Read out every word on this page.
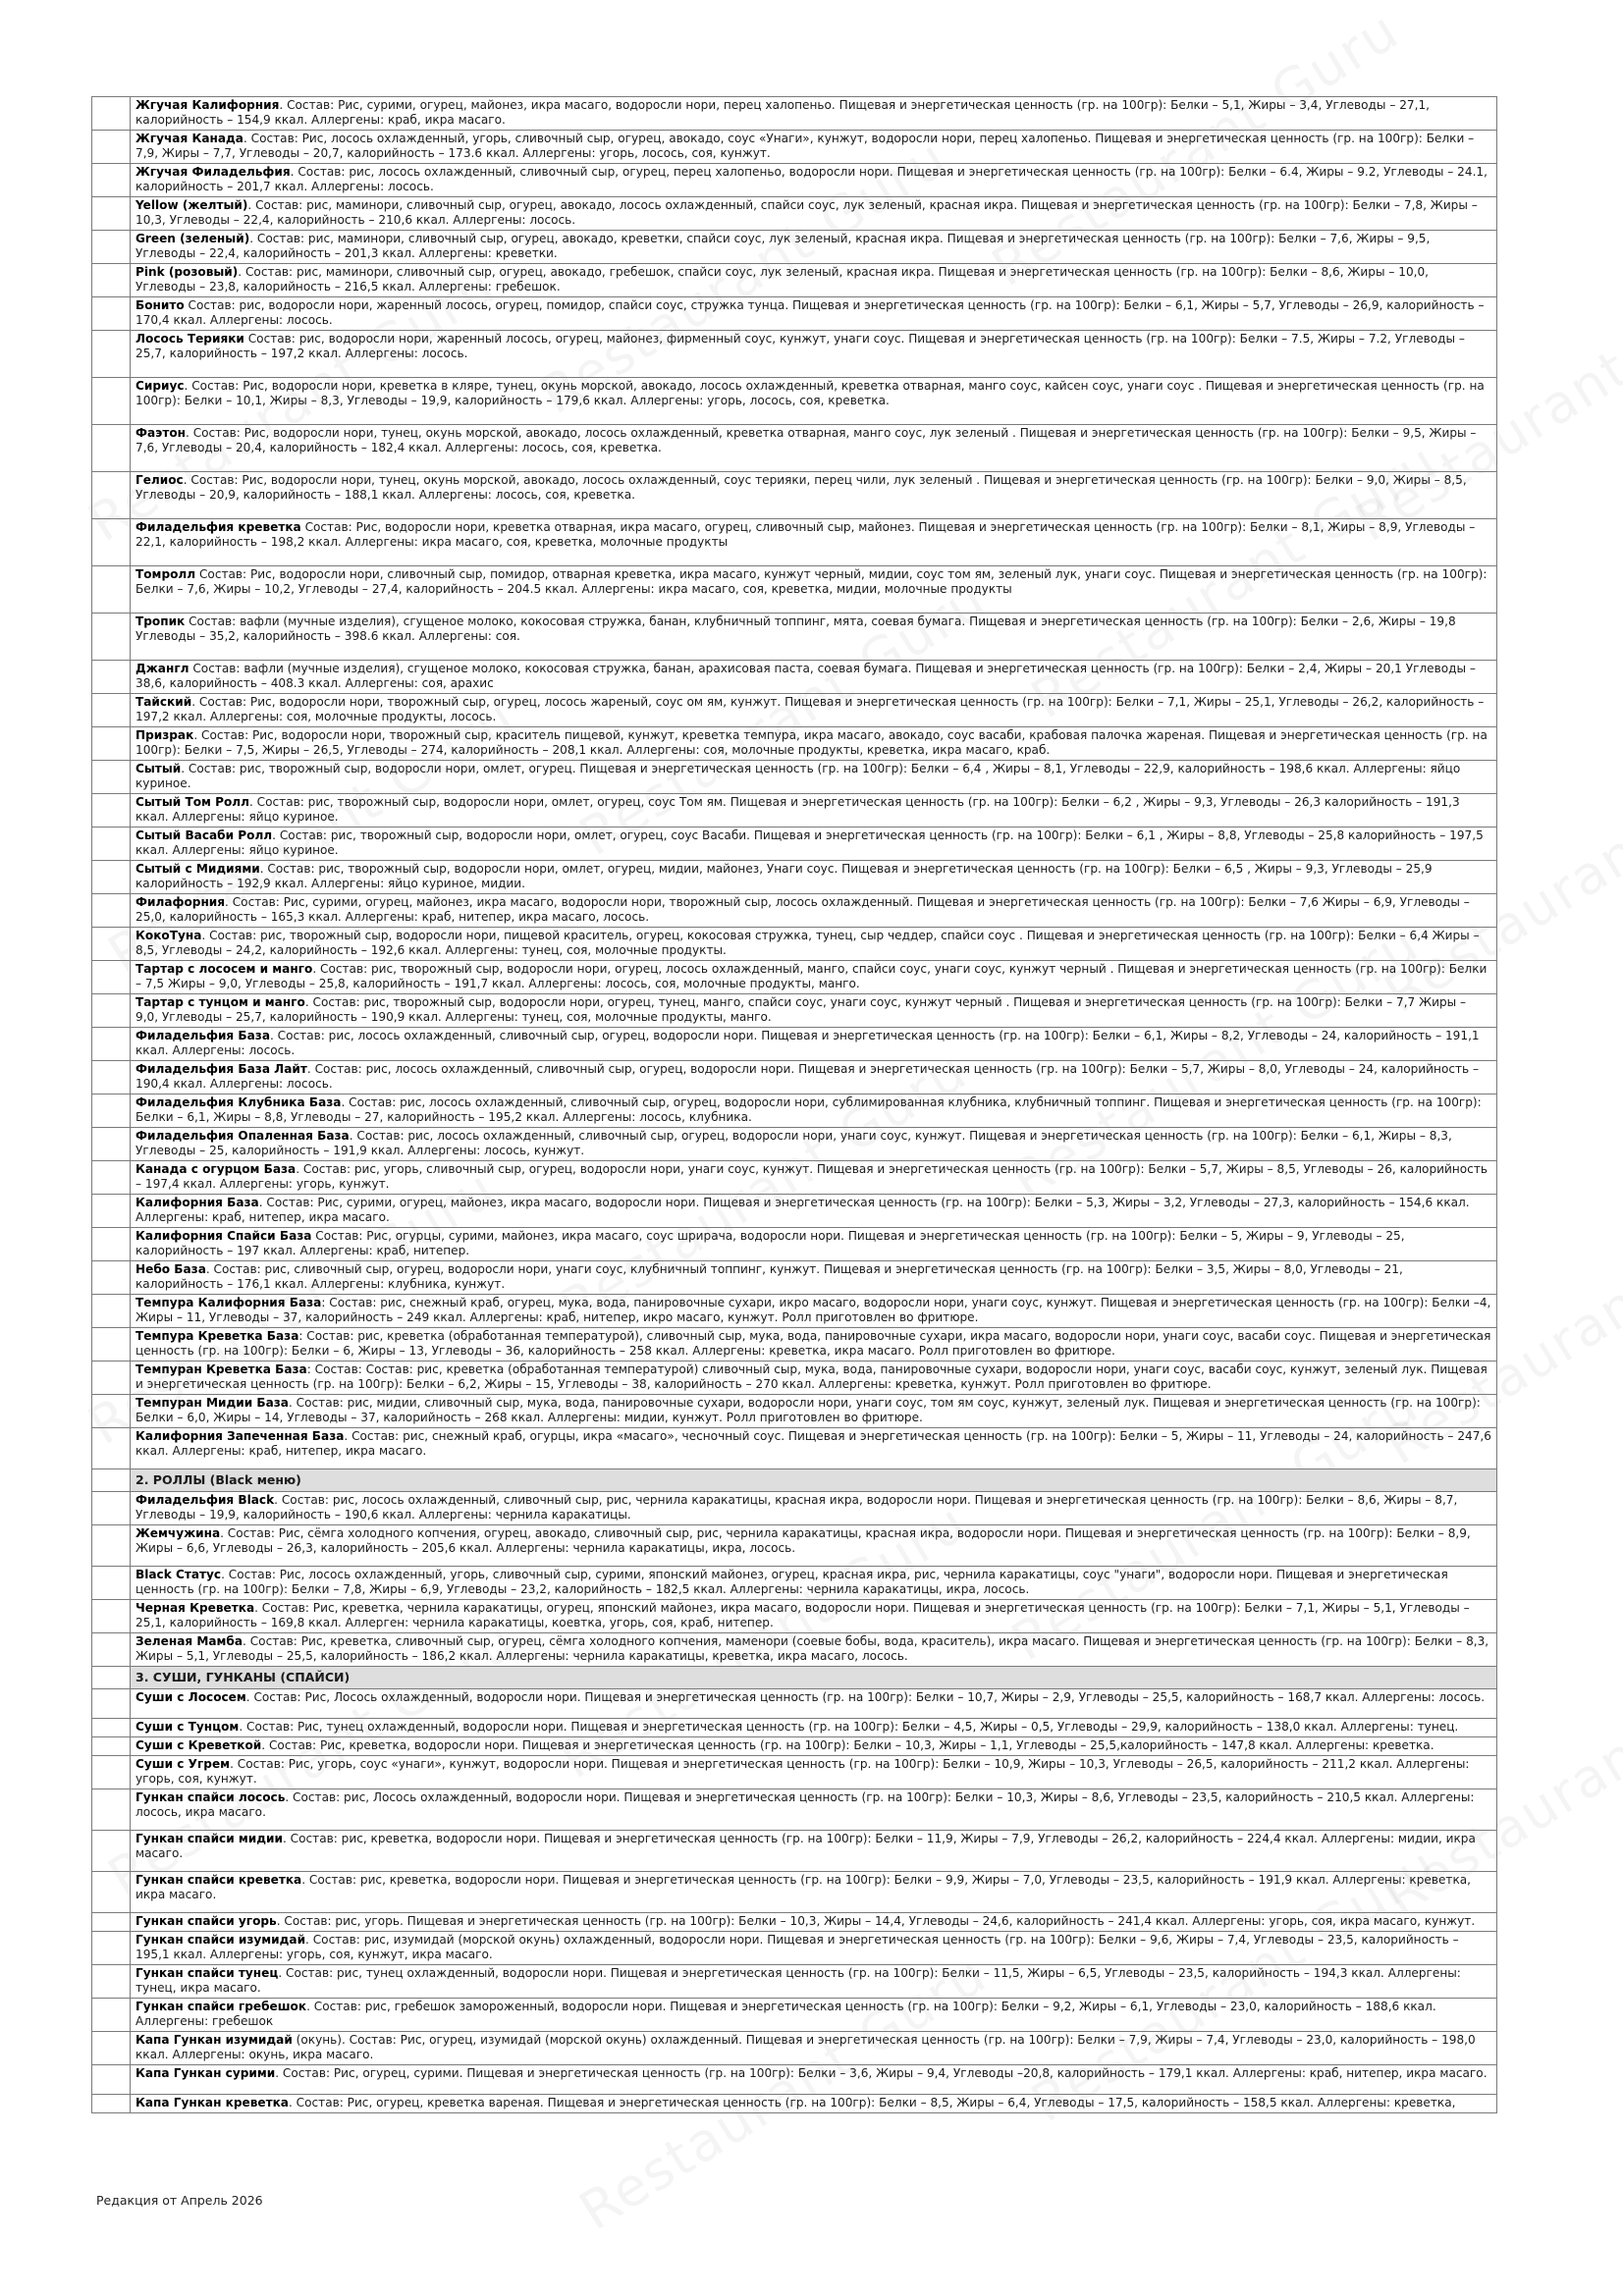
	Жгучая Калифорния. Состав: Рис, сурими, огурец, майонез, икра масаго, водоросли нори, перец халопеньо. Пищевая и энергетическая ценность (гр. на 100гр): Белки – 5,1, Жиры – 3,4, Углеводы – 27,1, калорийность – 154,9 ккал. Аллергены: краб, икра масаго.
	Жгучая Канада. Состав: Рис, лосось охлажденный, угорь, сливочный сыр, огурец, авокадо, соус «Унаги», кунжут, водоросли нори, перец халопеньо. Пищевая и энергетическая ценность (гр. на 100гр): Белки – 7,9, Жиры – 7,7, Углеводы – 20,7, калорийность – 173.6 ккал. Аллергены: угорь, лосось, соя, кунжут.
	Жгучая Филадельфия. Состав: рис, лосось охлажденный, сливочный сыр, огурец, перец халопеньо, водоросли нори. Пищевая и энергетическая ценность (гр. на 100гр): Белки – 6.4, Жиры – 9.2, Углеводы – 24.1, калорийность – 201,7 ккал. Аллергены: лосось.
	Yellow (желтый). Состав: рис, маминори, сливочный сыр, огурец, авокадо, лосось охлажденный, спайси соус, лук зеленый, красная икра. Пищевая и энергетическая ценность (гр. на 100гр): Белки – 7,8, Жиры – 10,3, Углеводы – 22,4, калорийность – 210,6 ккал. Аллергены: лосось.
	Green (зеленый). Состав: рис, маминори, сливочный сыр, огурец, авокадо, креветки, спайси соус, лук зеленый, красная икра. Пищевая и энергетическая ценность (гр. на 100гр): Белки – 7,6, Жиры – 9,5, Углеводы – 22,4, калорийность – 201,3 ккал. Аллергены: креветки.
	Pink (розовый). Состав: рис, маминори, сливочный сыр, огурец, авокадо, гребешок, спайси соус, лук зеленый, красная икра. Пищевая и энергетическая ценность (гр. на 100гр): Белки – 8,6, Жиры – 10,0, Углеводы – 23,8, калорийность – 216,5 ккал. Аллергены: гребешок.
	Бонито Состав: рис, водоросли нори, жаренный лосось, огурец, помидор, спайси соус, стружка тунца. Пищевая и энергетическая ценность (гр. на 100гр): Белки – 6,1, Жиры – 5,7, Углеводы – 26,9, калорийность – 170,4 ккал. Аллергены: лосось.
	Лосось Терияки Состав: рис, водоросли нори, жаренный лосось, огурец, майонез, фирменный соус, кунжут, унаги соус. Пищевая и энергетическая ценность (гр. на 100гр): Белки – 7.5, Жиры – 7.2, Углеводы – 25,7, калорийность – 197,2 ккал. Аллергены: лосось.
	Сириус. Состав: Рис, водоросли нори, креветка в кляре, тунец, окунь морской, авокадо, лосось охлажденный, креветка отварная, манго соус, кайсен соус, унаги соус . Пищевая и энергетическая ценность (гр. на 100гр): Белки – 10,1, Жиры – 8,3, Углеводы – 19,9, калорийность – 179,6 ккал. Аллергены: угорь, лосось, соя, креветка.
	Фаэтон. Состав: Рис, водоросли нори, тунец, окунь морской, авокадо, лосось охлажденный, креветка отварная, манго соус, лук зеленый . Пищевая и энергетическая ценность (гр. на 100гр): Белки – 9,5, Жиры – 7,6, Углеводы – 20,4, калорийность – 182,4 ккал. Аллергены: лосось, соя, креветка.
	Гелиос. Состав: Рис, водоросли нори, тунец, окунь морской, авокадо, лосось охлажденный, соус терияки, перец чили, лук зеленый . Пищевая и энергетическая ценность (гр. на 100гр): Белки – 9,0, Жиры – 8,5, Углеводы – 20,9, калорийность – 188,1 ккал. Аллергены: лосось, соя, креветка.
	Филадельфия креветка Состав: Рис, водоросли нори, креветка отварная, икра масаго, огурец, сливочный сыр, майонез. Пищевая и энергетическая ценность (гр. на 100гр): Белки – 8,1, Жиры – 8,9, Углеводы – 22,1, калорийность – 198,2 ккал. Аллергены: икра масаго, соя, креветка, молочные продукты
	Томролл Состав: Рис, водоросли нори, сливочный сыр, помидор, отварная креветка, икра масаго, кунжут черный, мидии, соус том ям, зеленый лук, унаги соус. Пищевая и энергетическая ценность (гр. на 100гр): Белки – 7,6, Жиры – 10,2, Углеводы – 27,4, калорийность – 204.5 ккал. Аллергены: икра масаго, соя, креветка, мидии, молочные продукты
	Тропик Состав: вафли (мучные изделия), сгущеное молоко, кокосовая стружка, банан, клубничный топпинг, мята, соевая бумага. Пищевая и энергетическая ценность (гр. на 100гр): Белки – 2,6, Жиры – 19,8 Углеводы – 35,2, калорийность – 398.6 ккал. Аллергены: соя.
	Джангл Состав: вафли (мучные изделия), сгущеное молоко, кокосовая стружка, банан, арахисовая паста, соевая бумага. Пищевая и энергетическая ценность (гр. на 100гр): Белки – 2,4, Жиры – 20,1 Углеводы – 38,6, калорийность – 408.3 ккал. Аллергены: соя, арахис
	Тайский. Состав: Рис, водоросли нори, творожный сыр, огурец, лосось жареный, соус ом ям, кунжут. Пищевая и энергетическая ценность (гр. на 100гр): Белки – 7,1, Жиры – 25,1, Углеводы – 26,2, калорийность – 197,2 ккал. Аллергены: соя, молочные продукты, лосось.
	Призрак. Состав: Рис, водоросли нори, творожный сыр, краситель пищевой, кунжут, креветка темпура, икра масаго, авокадо, соус васаби, крабовая палочка жареная. Пищевая и энергетическая ценность (гр. на 100гр): Белки – 7,5, Жиры – 26,5, Углеводы – 274, калорийность – 208,1 ккал. Аллергены: соя, молочные продукты, креветка, икра масаго, краб.
	Сытый. Состав: рис, творожный сыр, водоросли нори, омлет, огурец. Пищевая и энергетическая ценность (гр. на 100гр): Белки – 6,4 , Жиры – 8,1, Углеводы – 22,9, калорийность – 198,6 ккал. Аллергены: яйцо куриное.
	Сытый Том Ролл. Состав: рис, творожный сыр, водоросли нори, омлет, огурец, соус Том ям. Пищевая и энергетическая ценность (гр. на 100гр): Белки – 6,2 , Жиры – 9,3, Углеводы – 26,3 калорийность – 191,3 ккал. Аллергены: яйцо куриное.
	Сытый Васаби Ролл. Состав: рис, творожный сыр, водоросли нори, омлет, огурец, соус Васаби. Пищевая и энергетическая ценность (гр. на 100гр): Белки – 6,1 , Жиры – 8,8, Углеводы – 25,8 калорийность – 197,5 ккал. Аллергены: яйцо куриное.
	Сытый с Мидиями. Состав: рис, творожный сыр, водоросли нори, омлет, огурец, мидии, майонез, Унаги соус. Пищевая и энергетическая ценность (гр. на 100гр): Белки – 6,5 , Жиры – 9,3, Углеводы – 25,9 калорийность – 192,9 ккал. Аллергены: яйцо куриное, мидии.
	Филафорния. Состав: Рис, сурими, огурец, майонез, икра масаго, водоросли нори, творожный сыр, лосось охлажденный. Пищевая и энергетическая ценность (гр. на 100гр): Белки – 7,6 Жиры – 6,9, Углеводы – 25,0, калорийность – 165,3 ккал. Аллергены: краб, нитепер, икра масаго, лосось.
	КокоТуна. Состав: рис, творожный сыр, водоросли нори, пищевой краситель, огурец, кокосовая стружка, тунец, сыр чеддер, спайси соус . Пищевая и энергетическая ценность (гр. на 100гр): Белки – 6,4 Жиры – 8,5, Углеводы – 24,2, калорийность – 192,6 ккал. Аллергены: тунец, соя, молочные продукты.
	Тартар с лососем и манго. Состав: рис, творожный сыр, водоросли нори, огурец, лосось охлажденный, манго, спайси соус, унаги соус, кунжут черный . Пищевая и энергетическая ценность (гр. на 100гр): Белки – 7,5 Жиры – 9,0, Углеводы – 25,8, калорийность – 191,7 ккал. Аллергены: лосось, соя, молочные продукты, манго.
	Тартар с тунцом и манго. Состав: рис, творожный сыр, водоросли нори, огурец, тунец, манго, спайси соус, унаги соус, кунжут черный . Пищевая и энергетическая ценность (гр. на 100гр): Белки – 7,7 Жиры – 9,0, Углеводы – 25,7, калорийность – 190,9 ккал. Аллергены: тунец, соя, молочные продукты, манго.
	Филадельфия База. Состав: рис, лосось охлажденный, сливочный сыр, огурец, водоросли нори. Пищевая и энергетическая ценность (гр. на 100гр): Белки – 6,1, Жиры – 8,2, Углеводы – 24, калорийность – 191,1 ккал. Аллергены: лосось.
	Филадельфия База Лайт. Состав: рис, лосось охлажденный, сливочный сыр, огурец, водоросли нори. Пищевая и энергетическая ценность (гр. на 100гр): Белки – 5,7, Жиры – 8,0, Углеводы – 24, калорийность – 190,4 ккал. Аллергены: лосось.
	Филадельфия Клубника База. Состав: рис, лосось охлажденный, сливочный сыр, огурец, водоросли нори, сублимированная клубника, клубничный топпинг. Пищевая и энергетическая ценность (гр. на 100гр): Белки – 6,1, Жиры – 8,8, Углеводы – 27, калорийность – 195,2 ккал. Аллергены: лосось, клубника.
	Филадельфия Опаленная База. Состав: рис, лосось охлажденный, сливочный сыр, огурец, водоросли нори, унаги соус, кунжут. Пищевая и энергетическая ценность (гр. на 100гр): Белки – 6,1, Жиры – 8,3, Углеводы – 25, калорийность – 191,9 ккал. Аллергены: лосось, кунжут.
	Канада с огурцом База. Состав: рис, угорь, сливочный сыр, огурец, водоросли нори, унаги соус, кунжут. Пищевая и энергетическая ценность (гр. на 100гр): Белки – 5,7, Жиры – 8,5, Углеводы – 26, калорийность – 197,4 ккал. Аллергены: угорь, кунжут.
	Калифорния База. Состав: Рис, сурими, огурец, майонез, икра масаго, водоросли нори. Пищевая и энергетическая ценность (гр. на 100гр): Белки – 5,3, Жиры – 3,2, Углеводы – 27,3, калорийность – 154,6 ккал. Аллергены: краб, нитепер, икра масаго.
	Калифорния Спайси База Состав: Рис, огурцы, сурими, майонез, икра масаго, соус шрирача, водоросли нори. Пищевая и энергетическая ценность (гр. на 100гр): Белки – 5, Жиры – 9, Углеводы – 25, калорийность – 197 ккал. Аллергены: краб, нитепер.
	Небо База. Состав: рис, сливочный сыр, огурец, водоросли нори, унаги соус, клубничный топпинг, кунжут. Пищевая и энергетическая ценность (гр. на 100гр): Белки – 3,5, Жиры – 8,0, Углеводы – 21, калорийность – 176,1 ккал. Аллергены: клубника, кунжут.
	Темпура Калифорния База: Состав: рис, снежный краб, огурец, мука, вода, панировочные сухари, икро масаго, водоросли нори, унаги соус, кунжут. Пищевая и энергетическая ценность (гр. на 100гр): Белки –4, Жиры – 11, Углеводы – 37, калорийность – 249 ккал. Аллергены: краб, нитепер, икро масаго, кунжут. Ролл приготовлен во фритюре.
	Темпура Креветка База: Состав: рис, креветка (обработанная температурой), сливочный сыр, мука, вода, панировочные сухари, икра масаго, водоросли нори, унаги соус, васаби соус. Пищевая и энергетическая ценность (гр. на 100гр): Белки – 6, Жиры – 13, Углеводы – 36, калорийность – 258 ккал. Аллергены: креветка, икра масаго. Ролл приготовлен во фритюре.
	Темпуран Креветка База: Состав: Состав: рис, креветка (обработанная температурой) сливочный сыр, мука, вода, панировочные сухари, водоросли нори, унаги соус, васаби соус, кунжут, зеленый лук. Пищевая и энергетическая ценность (гр. на 100гр): Белки – 6,2, Жиры – 15, Углеводы – 38, калорийность – 270 ккал. Аллергены: креветка, кунжут. Ролл приготовлен во фритюре.
	Темпуран Мидии База. Состав: рис, мидии, сливочный сыр, мука, вода, панировочные сухари, водоросли нори, унаги соус, том ям соус, кунжут, зеленый лук. Пищевая и энергетическая ценность (гр. на 100гр): Белки – 6,0, Жиры – 14, Углеводы – 37, калорийность – 268 ккал. Аллергены: мидии, кунжут. Ролл приготовлен во фритюре.
	Калифорния Запеченная База. Состав: рис, снежный краб, огурцы, икра «масаго», чесночный соус. Пищевая и энергетическая ценность (гр. на 100гр): Белки – 5, Жиры – 11, Углеводы – 24, калорийность – 247,6 ккал. Аллергены: краб, нитепер, икра масаго.
	2. РОЛЛЫ (Black меню)
	Филадельфия Black. Состав: рис, лосось охлажденный, сливочный сыр, рис, чернила каракатицы, красная икра, водоросли нори. Пищевая и энергетическая ценность (гр. на 100гр): Белки – 8,6, Жиры – 8,7, Углеводы – 19,9, калорийность – 190,6 ккал. Аллергены: чернила каракатицы.
	Жемчужина. Состав: Рис, сёмга холодного копчения, огурец, авокадо, сливочный сыр, рис, чернила каракатицы, красная икра, водоросли нори. Пищевая и энергетическая ценность (гр. на 100гр): Белки – 8,9, Жиры – 6,6, Углеводы – 26,3, калорийность – 205,6 ккал. Аллергены: чернила каракатицы, икра, лосось.
	Black Статус. Состав: Рис, лосось охлажденный, угорь, сливочный сыр, сурими, японский майонез, огурец, красная икра, рис, чернила каракатицы, соус "унаги", водоросли нори. Пищевая и энергетическая ценность (гр. на 100гр): Белки – 7,8, Жиры – 6,9, Углеводы – 23,2, калорийность – 182,5 ккал. Аллергены: чернила каракатицы, икра, лосось.
	Черная Креветка. Состав: Рис, креветка, чернила каракатицы, огурец, японский майонез, икра масаго, водоросли нори. Пищевая и энергетическая ценность (гр. на 100гр): Белки – 7,1, Жиры – 5,1, Углеводы – 25,1, калорийность – 169,8 ккал. Аллерген: чернила каракатицы, коевтка, угорь, соя, краб, нитепер.
	Зеленая Мамба. Состав: Рис, креветка, сливочный сыр, огурец, сёмга холодного копчения, маменори (соевые бобы, вода, краситель), икра масаго. Пищевая и энергетическая ценность (гр. на 100гр): Белки – 8,3, Жиры – 5,1, Углеводы – 25,5, калорийность – 186,2 ккал. Аллергены: чернила каракатицы, креветка, икра масаго, лосось.
	3. СУШИ, ГУНКАНЫ (СПАЙСИ)
	Суши с Лососем. Состав: Рис, Лосось охлажденный, водоросли нори. Пищевая и энергетическая ценность (гр. на 100гр): Белки – 10,7, Жиры – 2,9, Углеводы – 25,5, калорийность – 168,7 ккал. Аллергены: лосось.
	Суши с Тунцом. Состав: Рис, тунец охлажденный, водоросли нори. Пищевая и энергетическая ценность (гр. на 100гр): Белки – 4,5, Жиры – 0,5, Углеводы – 29,9, калорийность – 138,0 ккал. Аллергены: тунец.
	Суши с Креветкой. Состав: Рис, креветка, водоросли нори. Пищевая и энергетическая ценность (гр. на 100гр): Белки – 10,3, Жиры – 1,1, Углеводы – 25,5,калорийность – 147,8 ккал. Аллергены: креветка.
	Суши с Угрем. Состав: Рис, угорь, соус «унаги», кунжут, водоросли нори. Пищевая и энергетическая ценность (гр. на 100гр): Белки – 10,9, Жиры – 10,3, Углеводы – 26,5, калорийность – 211,2 ккал. Аллергены: угорь, соя, кунжут.
	Гункан спайси лосось. Состав: рис, Лосось охлажденный, водоросли нори. Пищевая и энергетическая ценность (гр. на 100гр): Белки – 10,3, Жиры – 8,6, Углеводы – 23,5, калорийность – 210,5 ккал. Аллергены: лосось, икра масаго.
	Гункан спайси мидии. Состав: рис, креветка, водоросли нори. Пищевая и энергетическая ценность (гр. на 100гр): Белки – 11,9, Жиры – 7,9, Углеводы – 26,2, калорийность – 224,4 ккал. Аллергены: мидии, икра масаго.
	Гункан спайси креветка. Состав: рис, креветка, водоросли нори. Пищевая и энергетическая ценность (гр. на 100гр): Белки – 9,9, Жиры – 7,0, Углеводы – 23,5, калорийность – 191,9 ккал. Аллергены: креветка, икра масаго.
	Гункан спайси угорь. Состав: рис, угорь. Пищевая и энергетическая ценность (гр. на 100гр): Белки – 10,3, Жиры – 14,4, Углеводы – 24,6, калорийность – 241,4 ккал. Аллергены: угорь, соя, икра масаго, кунжут.
	Гункан спайси изумидай. Состав: рис, изумидай (морской окунь) охлажденный, водоросли нори. Пищевая и энергетическая ценность (гр. на 100гр): Белки – 9,6, Жиры – 7,4, Углеводы – 23,5, калорийность – 195,1 ккал. Аллергены: угорь, соя, кунжут, икра масаго.
	Гункан спайси тунец. Состав: рис, тунец охлажденный, водоросли нори. Пищевая и энергетическая ценность (гр. на 100гр): Белки – 11,5, Жиры – 6,5, Углеводы – 23,5, калорийность – 194,3 ккал. Аллергены: тунец, икра масаго.
	Гункан спайси гребешок. Состав: рис, гребешок замороженный, водоросли нори. Пищевая и энергетическая ценность (гр. на 100гр): Белки – 9,2, Жиры – 6,1, Углеводы – 23,0, калорийность – 188,6 ккал. Аллергены: гребешок
	Капа Гункан изумидай (окунь). Состав: Рис, огурец, изумидай (морской окунь) охлажденный. Пищевая и энергетическая ценность (гр. на 100гр): Белки – 7,9, Жиры – 7,4, Углеводы – 23,0, калорийность – 198,0 ккал. Аллергены: окунь, икра масаго.
	Капа Гункан сурими. Состав: Рис, огурец, сурими. Пищевая и энергетическая ценность (гр. на 100гр): Белки – 3,6, Жиры – 9,4, Углеводы –20,8, калорийность – 179,1 ккал. Аллергены: краб, нитепер, икра масаго.
	Капа Гункан креветка. Состав: Рис, огурец, креветка вареная. Пищевая и энергетическая ценность (гр. на 100гр): Белки – 8,5, Жиры – 6,4, Углеводы – 17,5, калорийность – 158,5 ккал. Аллергены: креветка,
Редакция от Апрель 2026
